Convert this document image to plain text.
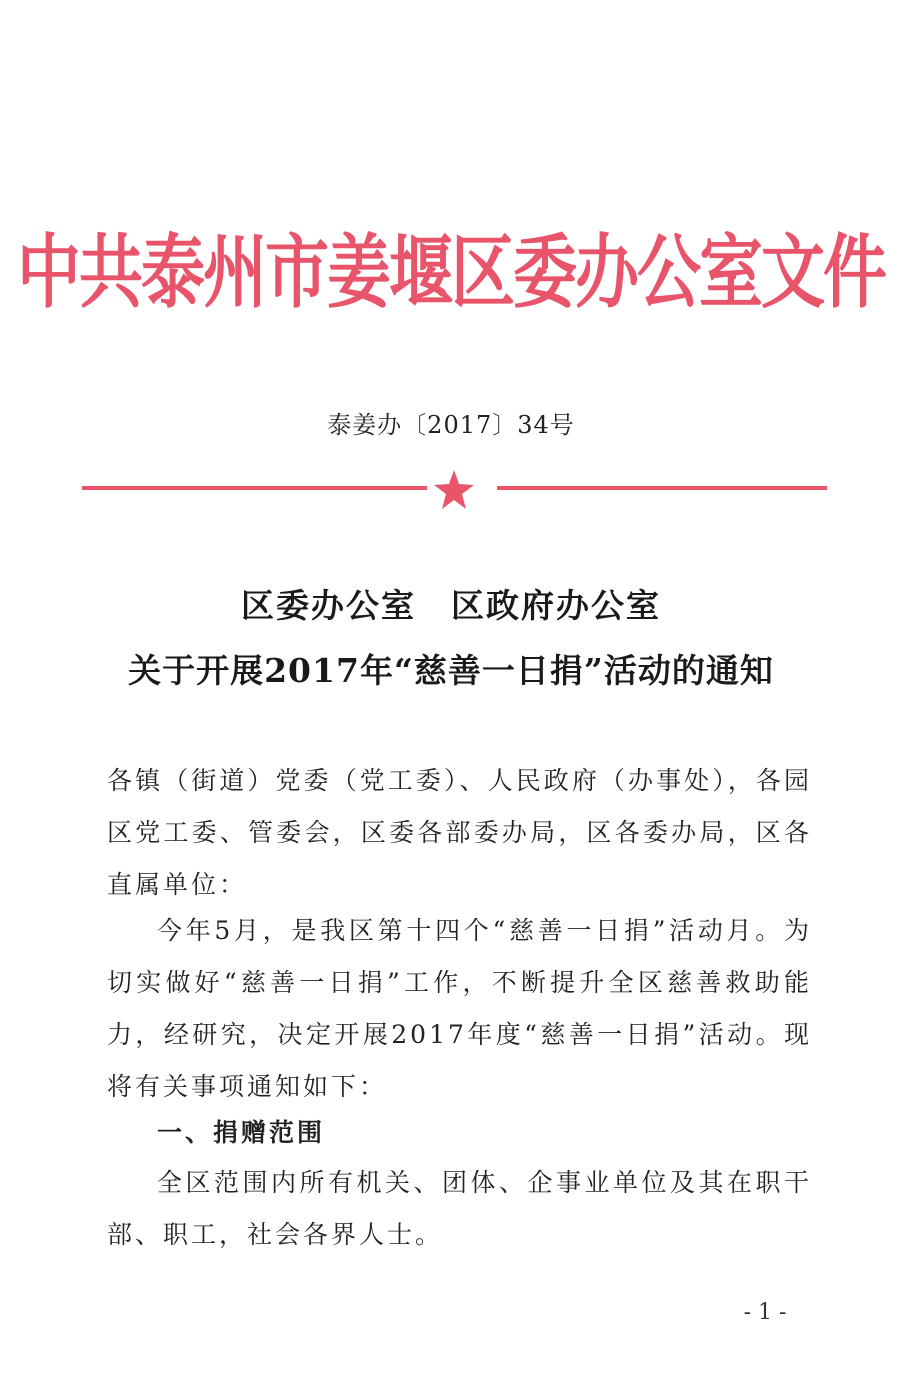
中共泰州市姜堰区委办公室文件
泰姜办〔2017〕34号
区委办公室　区政府办公室
关于开展2017年“慈善一日捐”活动的通知
各镇（街道）党委（党工委）、人民政府（办事处），各园区党工委、管委会，区委各部委办局，区各委办局，区各直属单位：
今年5月，是我区第十四个“慈善一日捐”活动月。为切实做好“慈善一日捐”工作，不断提升全区慈善救助能力，经研究，决定开展2017年度“慈善一日捐”活动。现将有关事项通知如下：
一、捐赠范围
全区范围内所有机关、团体、企事业单位及其在职干部、职工，社会各界人士。
- 1 -
